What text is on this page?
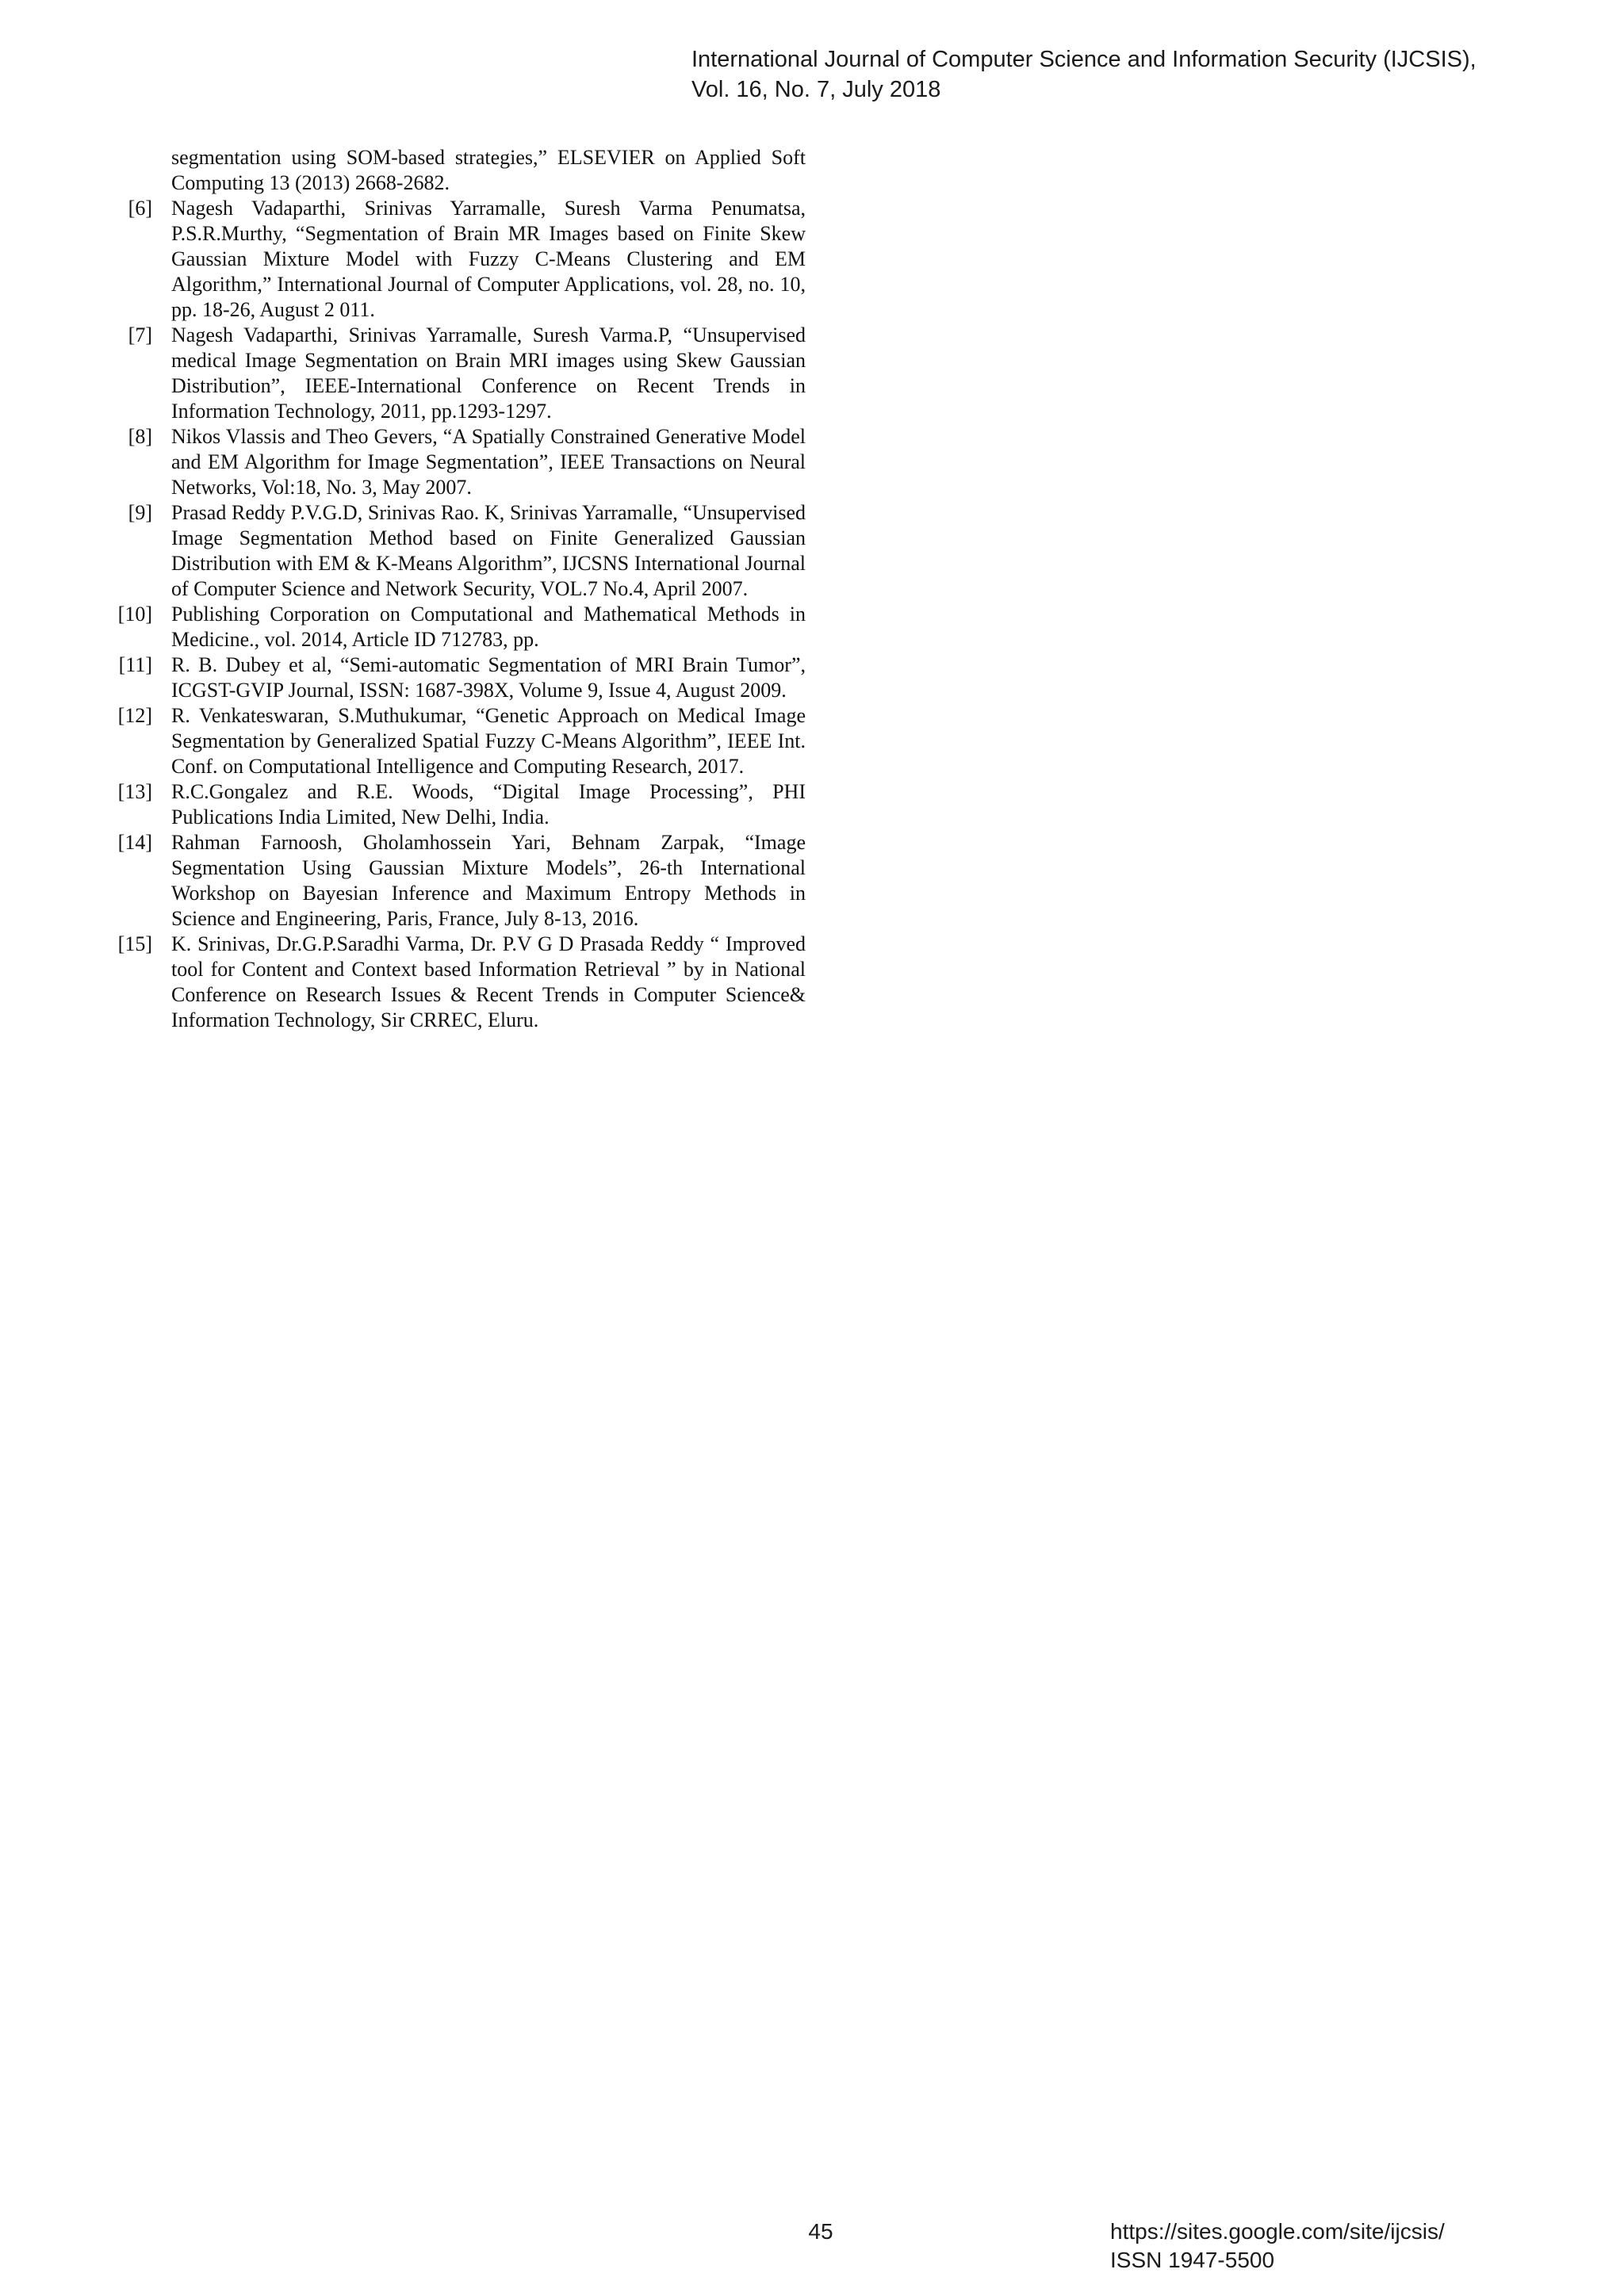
International Journal of Computer Science and Information Security (IJCSIS),
Vol. 16, No. 7, July 2018
segmentation using SOM-based strategies,” ELSEVIER on Applied Soft Computing 13 (2013) 2668-2682.
[6] Nagesh Vadaparthi, Srinivas Yarramalle, Suresh Varma Penumatsa, P.S.R.Murthy, “Segmentation of Brain MR Images based on Finite Skew Gaussian Mixture Model with Fuzzy C-Means Clustering and EM Algorithm,” International Journal of Computer Applications, vol. 28, no. 10, pp. 18-26, August 2 011.
[7] Nagesh Vadaparthi, Srinivas Yarramalle, Suresh Varma.P, “Unsupervised medical Image Segmentation on Brain MRI images using Skew Gaussian Distribution”, IEEE-International Conference on Recent Trends in Information Technology, 2011, pp.1293-1297.
[8] Nikos Vlassis and Theo Gevers, “A Spatially Constrained Generative Model and EM Algorithm for Image Segmentation”, IEEE Transactions on Neural Networks, Vol:18, No. 3, May 2007.
[9] Prasad Reddy P.V.G.D, Srinivas Rao. K, Srinivas Yarramalle, “Unsupervised Image Segmentation Method based on Finite Generalized Gaussian Distribution with EM & K-Means Algorithm”, IJCSNS International Journal of Computer Science and Network Security, VOL.7 No.4, April 2007.
[10] Publishing Corporation on Computational and Mathematical Methods in Medicine., vol. 2014, Article ID 712783, pp.
[11] R. B. Dubey et al, “Semi-automatic Segmentation of MRI Brain Tumor”, ICGST-GVIP Journal, ISSN: 1687-398X, Volume 9, Issue 4, August 2009.
[12] R. Venkateswaran, S.Muthukumar, “Genetic Approach on Medical Image Segmentation by Generalized Spatial Fuzzy C-Means Algorithm”, IEEE Int. Conf. on Computational Intelligence and Computing Research, 2017.
[13] R.C.Gongalez and R.E. Woods, “Digital Image Processing”, PHI Publications India Limited, New Delhi, India.
[14] Rahman Farnoosh, Gholamhossein Yari, Behnam Zarpak, “Image Segmentation Using Gaussian Mixture Models”, 26-th International Workshop on Bayesian Inference and Maximum Entropy Methods in Science and Engineering, Paris, France, July 8-13, 2016.
[15] K. Srinivas, Dr.G.P.Saradhi Varma, Dr. P.V G D Prasada Reddy “ Improved tool for Content and Context based Information Retrieval ” by in National Conference on Research Issues & Recent Trends in Computer Science& Information Technology, Sir CRREC, Eluru.
45	https://sites.google.com/site/ijcsis/
ISSN 1947-5500
